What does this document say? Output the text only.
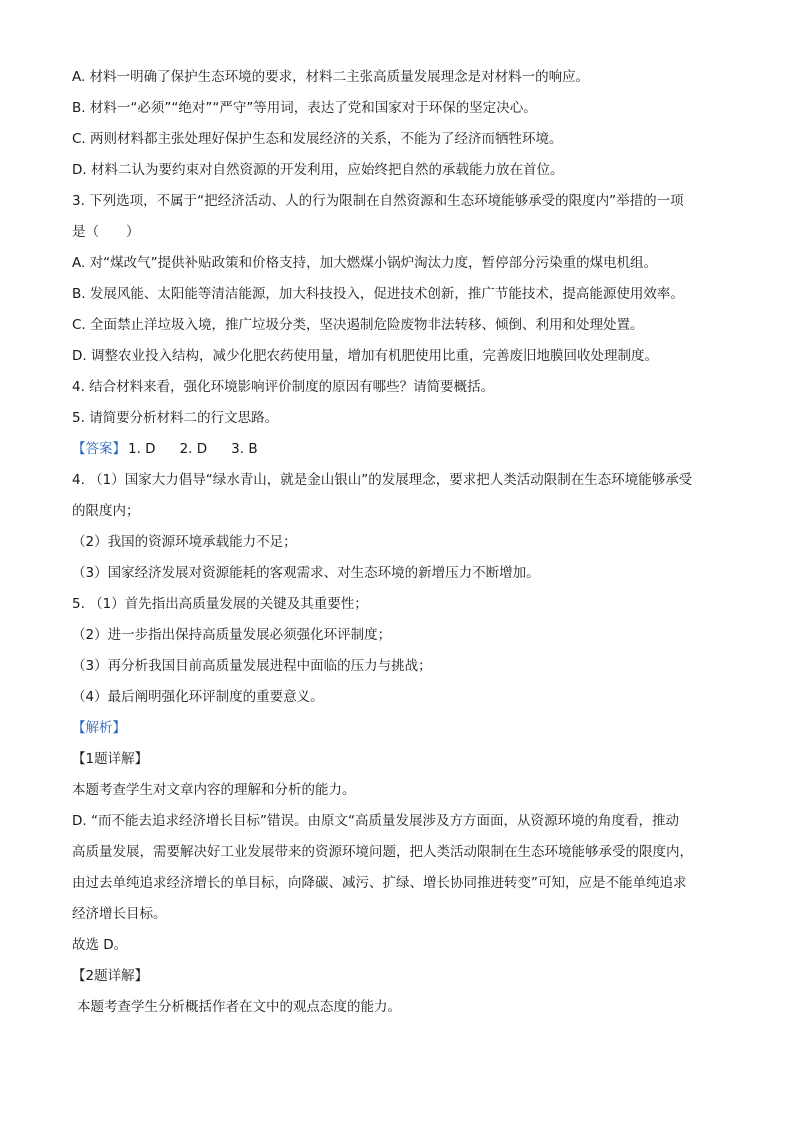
A. 材料一明确了保护生态环境的要求，材料二主张高质量发展理念是对材料一的响应。
B. 材料一“必须”“绝对”“严守”等用词，表达了党和国家对于环保的坚定决心。
C. 两则材料都主张处理好保护生态和发展经济的关系，不能为了经济而牺牲环境。
D. 材料二认为要约束对自然资源的开发利用，应始终把自然的承载能力放在首位。
3. 下列选项，不属于“把经济活动、人的行为限制在自然资源和生态环境能够承受的限度内”举措的一项
是（　　）
A. 对“煤改气”提供补贴政策和价格支持，加大燃煤小锅炉淘汰力度，暂停部分污染重的煤电机组。
B. 发展风能、太阳能等清洁能源，加大科技投入，促进技术创新，推广节能技术，提高能源使用效率。
C. 全面禁止洋垃圾入境，推广垃圾分类，坚决遏制危险废物非法转移、倾倒、利用和处理处置。
D. 调整农业投入结构，减少化肥农药使用量，增加有机肥使用比重，完善废旧地膜回收处理制度。
4. 结合材料来看，强化环境影响评价制度的原因有哪些？请简要概括。
5. 请简要分析材料二的行文思路。
【答案】 1. D 2. D 3. B
4. （1）国家大力倡导“绿水青山，就是金山银山”的发展理念，要求把人类活动限制在生态环境能够承受
的限度内；
（2）我国的资源环境承载能力不足；
（3）国家经济发展对资源能耗的客观需求、对生态环境的新增压力不断增加。
5. （1）首先指出高质量发展的关键及其重要性；
（2）进一步指出保持高质量发展必须强化环评制度；
（3）再分析我国目前高质量发展进程中面临的压力与挑战；
（4）最后阐明强化环评制度的重要意义。
【解析】
【1题详解】
本题考查学生对文章内容的理解和分析的能力。
D. “而不能去追求经济增长目标”错误。由原文“高质量发展涉及方方面面，从资源环境的角度看，推动
高质量发展，需要解决好工业发展带来的资源环境问题，把人类活动限制在生态环境能够承受的限度内，
由过去单纯追求经济增长的单目标，向降碳、减污、扩绿、增长协同推进转变”可知，应是不能单纯追求
经济增长目标。
故选 D。
【2题详解】
本题考查学生分析概括作者在文中的观点态度的能力。
